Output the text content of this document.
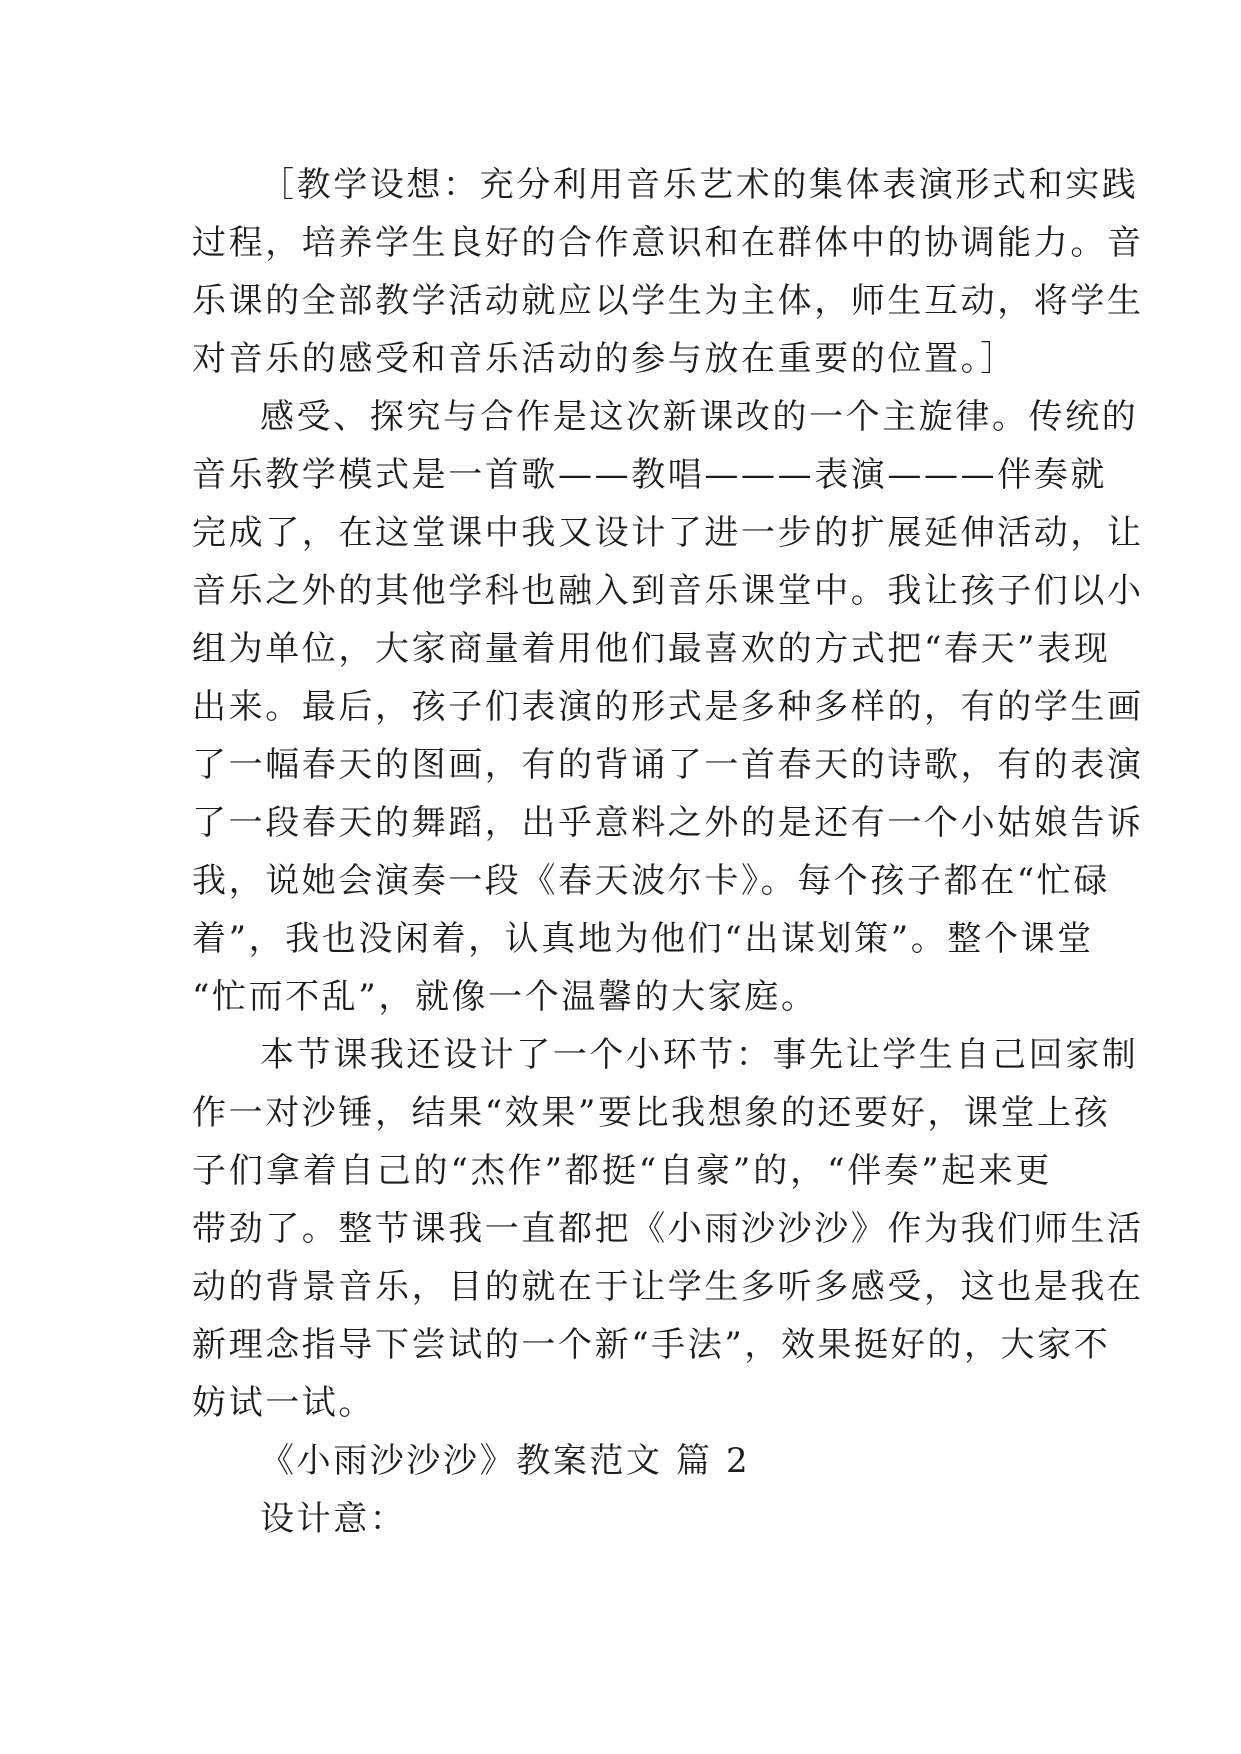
［教学设想：充分利用音乐艺术的集体表演形式和实践
过程，培养学生良好的合作意识和在群体中的协调能力。音
乐课的全部教学活动就应以学生为主体，师生互动，将学生
对音乐的感受和音乐活动的参与放在重要的位置。］

感受、探究与合作是这次新课改的一个主旋律。传统的
音乐教学模式是一首歌——教唱———表演———伴奏就
完成了，在这堂课中我又设计了进一步的扩展延伸活动，让
音乐之外的其他学科也融入到音乐课堂中。我让孩子们以小
组为单位，大家商量着用他们最喜欢的方式把“春天”表现
出来。最后，孩子们表演的形式是多种多样的，有的学生画
了一幅春天的图画，有的背诵了一首春天的诗歌，有的表演
了一段春天的舞蹈，出乎意料之外的是还有一个小姑娘告诉
我，说她会演奏一段《春天波尔卡》。每个孩子都在“忙碌
着”，我也没闲着，认真地为他们“出谋划策”。整个课堂
“忙而不乱”，就像一个温馨的大家庭。

本节课我还设计了一个小环节：事先让学生自己回家制
作一对沙锤，结果“效果”要比我想象的还要好，课堂上孩
子们拿着自己的“杰作”都挺“自豪”的，“伴奏”起来更
带劲了。整节课我一直都把《小雨沙沙沙》作为我们师生活
动的背景音乐，目的就在于让学生多听多感受，这也是我在
新理念指导下尝试的一个新“手法”，效果挺好的，大家不
妨试一试。

《小雨沙沙沙》教案范文 篇 2

设计意：
